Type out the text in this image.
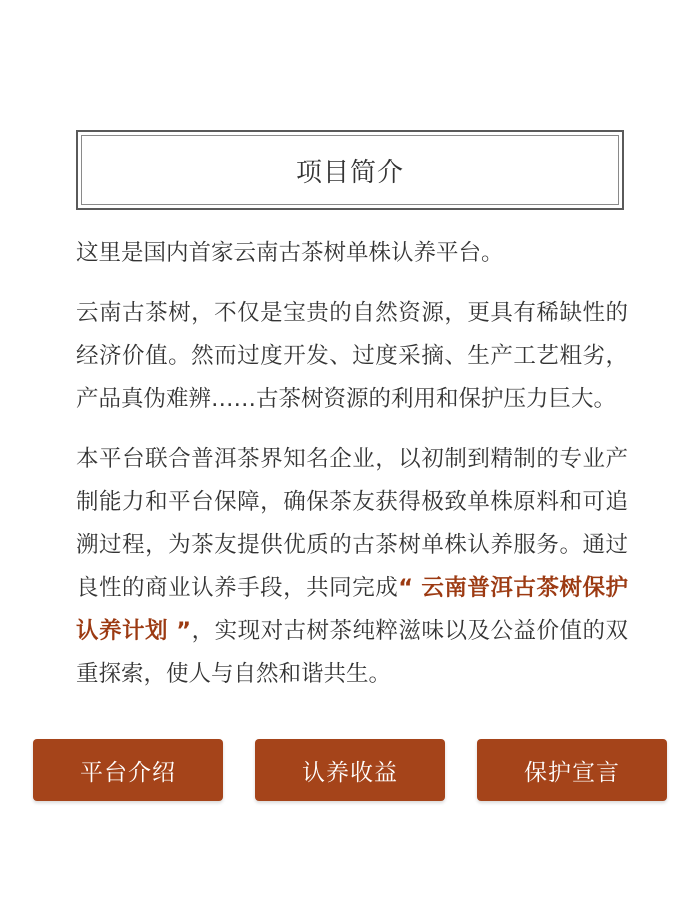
项目简介

这里是国内首家云南古茶树单株认养平台。

云南古茶树，不仅是宝贵的自然资源，更具有稀缺性的经济价值。然而过度开发、过度采摘、生产工艺粗劣，产品真伪难辨……古茶树资源的利用和保护压力巨大。

本平台联合普洱茶界知名企业，以初制到精制的专业产制能力和平台保障，确保茶友获得极致单株原料和可追溯过程，为茶友提供优质的古茶树单株认养服务。通过良性的商业认养手段，共同完成“ 云南普洱古茶树保护认养计划 ”，实现对古树茶纯粹滋味以及公益价值的双重探索，使人与自然和谐共生。

平台介绍	认养收益	保护宣言
